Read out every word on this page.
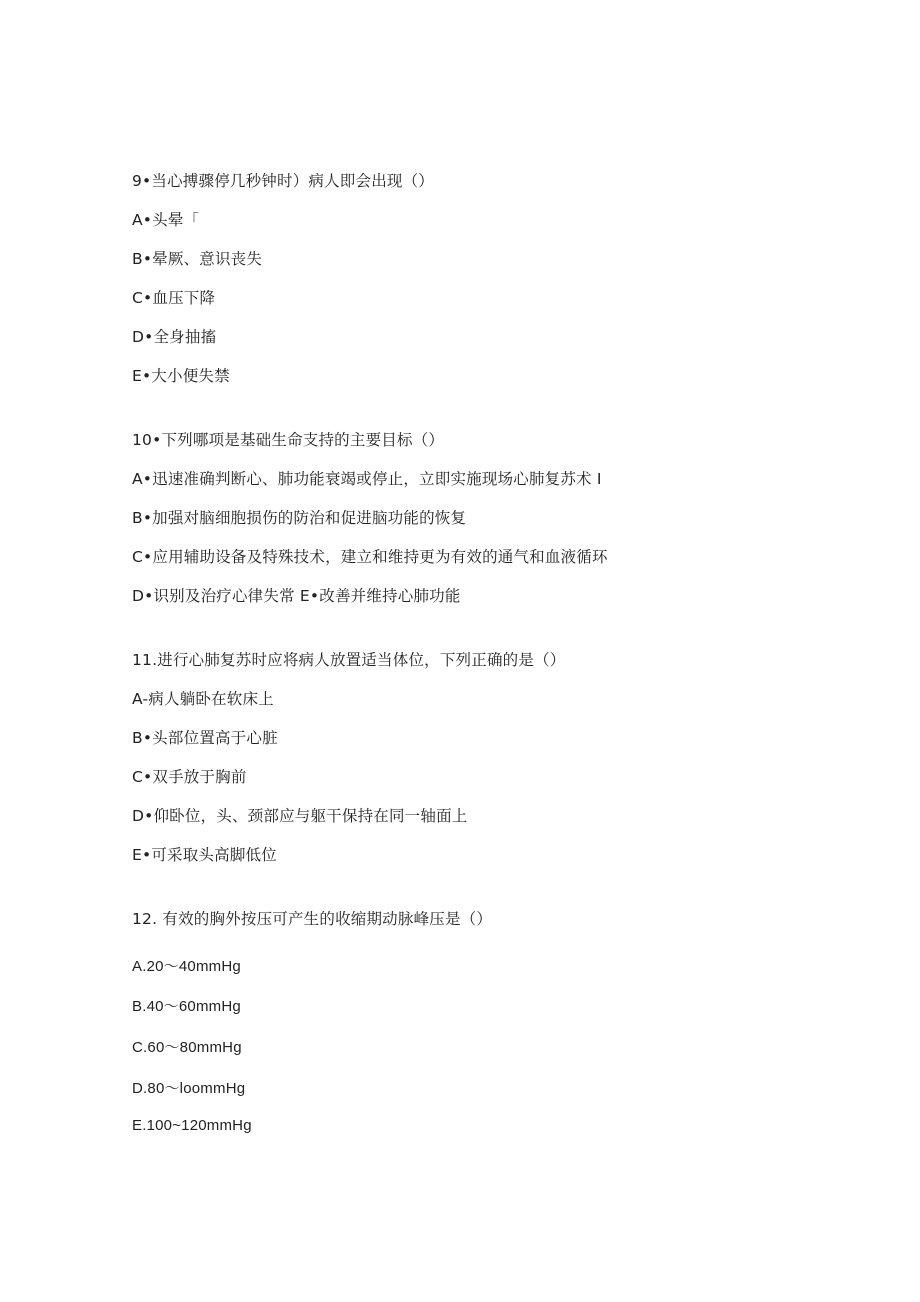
9•当心搏骤停几秒钟时）病人即会出现（）
A•头晕「
B•晕厥、意识丧失
C•血压下降
D•全身抽搐
E•大小便失禁
10•下列哪项是基础生命支持的主要目标（）
A•迅速准确判断心、肺功能衰竭或停止，立即实施现场心肺复苏术 I
B•加强对脑细胞损伤的防治和促进脑功能的恢复
C•应用辅助设备及特殊技术，建立和维持更为有效的通气和血液循环
D•识别及治疗心律失常 E•改善并维持心肺功能
11.进行心肺复苏时应将病人放置适当体位，下列正确的是（）
A-病人躺卧在软床上
B•头部位置高于心脏
C•双手放于胸前
D•仰卧位，头、颈部应与躯干保持在同一轴面上
E•可采取头高脚低位
12. 有效的胸外按压可产生的收缩期动脉峰压是（）
A.20～40mmHg
B.40～60mmHg
C.60～80mmHg
D.80～loommHg
E.100~120mmHg
